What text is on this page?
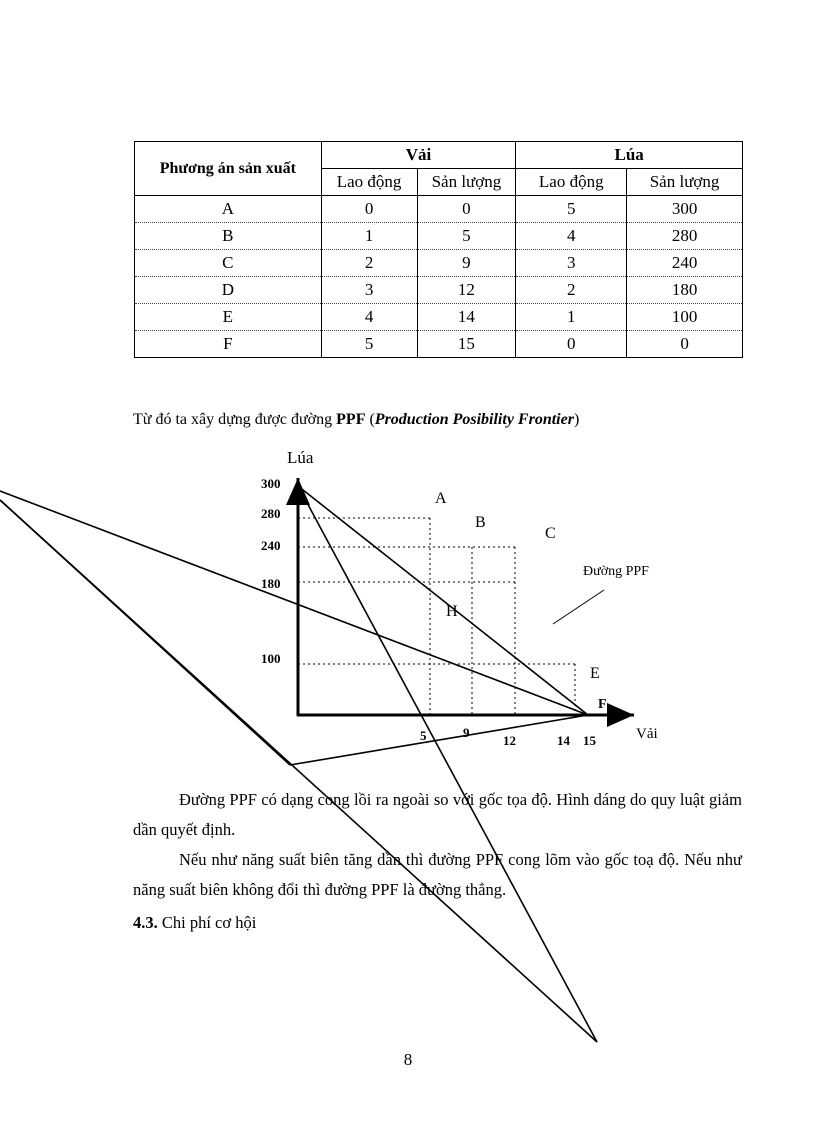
Phương án sản xuất	Vải		Lúa	
	Lao động	Sản lượng	Lao động	Sản lượng
A	0	0	5	300
B	1	5	4	280
C	2	9	3	240
D	3	12	2	180
E	4	14	1	100
F	5	15	0	0
Từ đó ta xây dựng được đường PPF (Production Posibility Frontier)
Lúa
Vải
300
280
240
180
100
5	9
12	14 15
A
B
C
H
E
F
Đường PPF
Đường PPF có dạng cong lồi ra ngoài so với gốc tọa độ. Hình dáng do quy luật giảm dần quyết định.
Nếu như năng suất biên tăng dần thì đường PPF cong lõm vào gốc toạ độ. Nếu như năng suất biên không đổi thì đường PPF là đường thẳng.
4.3. Chi phí cơ hội
8
